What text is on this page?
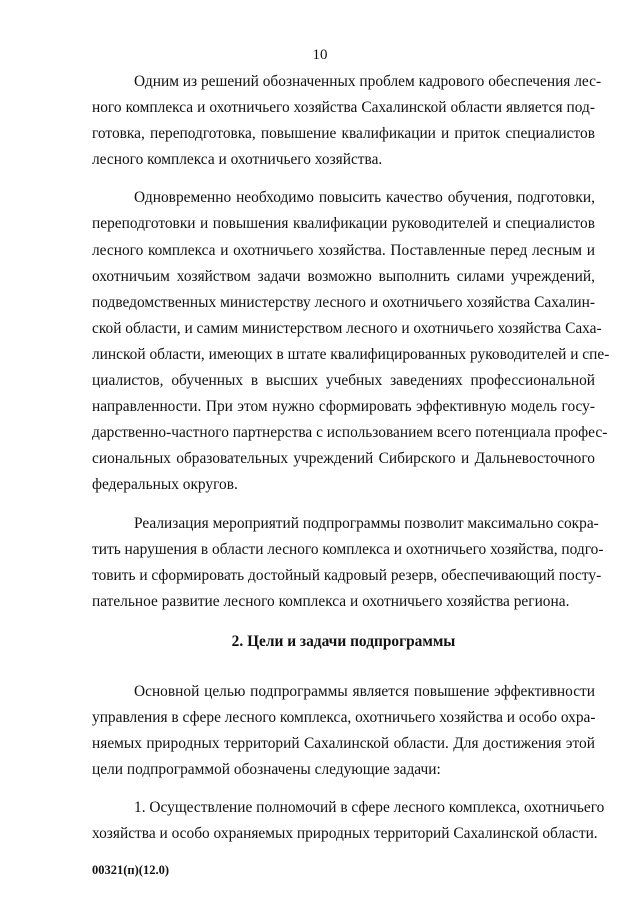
10

Одним из решений обозначенных проблем кадрового обеспечения лес-
ного комплекса и охотничьего хозяйства Сахалинской области является под-
готовка, переподготовка, повышение квалификации и приток специалистов
лесного комплекса и охотничьего хозяйства.

Одновременно необходимо повысить качество обучения, подготовки,
переподготовки и повышения квалификации руководителей и специалистов
лесного комплекса и охотничьего хозяйства. Поставленные перед лесным и
охотничьим хозяйством задачи возможно выполнить силами учреждений,
подведомственных министерству лесного и охотничьего хозяйства Сахалин-
ской области, и самим министерством лесного и охотничьего хозяйства Саха-
линской области, имеющих в штате квалифицированных руководителей и спе-
циалистов, обученных в высших учебных заведениях профессиональной
направленности. При этом нужно сформировать эффективную модель госу-
дарственно-частного партнерства с использованием всего потенциала профес-
сиональных образовательных учреждений Сибирского и Дальневосточного
федеральных округов.

Реализация мероприятий подпрограммы позволит максимально сокра-
тить нарушения в области лесного комплекса и охотничьего хозяйства, подго-
товить и сформировать достойный кадровый резерв, обеспечивающий посту-
пательное развитие лесного комплекса и охотничьего хозяйства региона.

2. Цели и задачи подпрограммы

Основной целью подпрограммы является повышение эффективности
управления в сфере лесного комплекса, охотничьего хозяйства и особо охра-
няемых природных территорий Сахалинской области. Для достижения этой
цели подпрограммой обозначены следующие задачи:

1. Осуществление полномочий в сфере лесного комплекса, охотничьего
хозяйства и особо охраняемых природных территорий Сахалинской области.

00321(п)(12.0)
